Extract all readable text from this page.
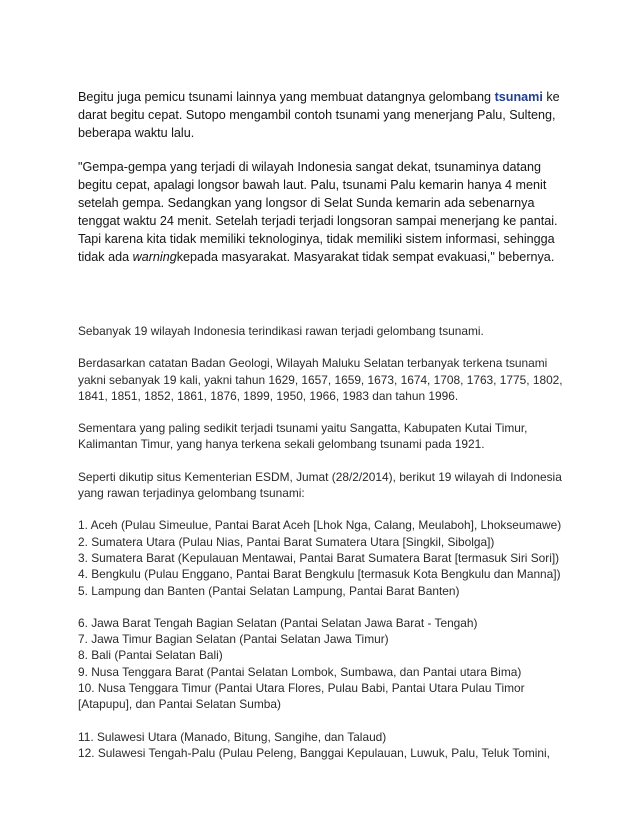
Begitu juga pemicu tsunami lainnya yang membuat datangnya gelombang tsunami ke darat begitu cepat. Sutopo mengambil contoh tsunami yang menerjang Palu, Sulteng, beberapa waktu lalu.

"Gempa-gempa yang terjadi di wilayah Indonesia sangat dekat, tsunaminya datang begitu cepat, apalagi longsor bawah laut. Palu, tsunami Palu kemarin hanya 4 menit setelah gempa. Sedangkan yang longsor di Selat Sunda kemarin ada sebenarnya tenggat waktu 24 menit. Setelah terjadi terjadi longsoran sampai menerjang ke pantai. Tapi karena kita tidak memiliki teknologinya, tidak memiliki sistem informasi, sehingga tidak ada warningkepada masyarakat. Masyarakat tidak sempat evakuasi," bebernya.

Sebanyak 19 wilayah Indonesia terindikasi rawan terjadi gelombang tsunami.

Berdasarkan catatan Badan Geologi, Wilayah Maluku Selatan terbanyak terkena tsunami yakni sebanyak 19 kali, yakni tahun 1629, 1657, 1659, 1673, 1674, 1708, 1763, 1775, 1802, 1841, 1851, 1852, 1861, 1876, 1899, 1950, 1966, 1983 dan tahun 1996.

Sementara yang paling sedikit terjadi tsunami yaitu Sangatta, Kabupaten Kutai Timur, Kalimantan Timur, yang hanya terkena sekali gelombang tsunami pada 1921.

Seperti dikutip situs Kementerian ESDM, Jumat (28/2/2014), berikut 19 wilayah di Indonesia yang rawan terjadinya gelombang tsunami:

1. Aceh (Pulau Simeulue, Pantai Barat Aceh [Lhok Nga, Calang, Meulaboh], Lhokseumawe)
2. Sumatera Utara (Pulau Nias, Pantai Barat Sumatera Utara [Singkil, Sibolga])
3. Sumatera Barat (Kepulauan Mentawai, Pantai Barat Sumatera Barat [termasuk Siri Sori])
4. Bengkulu (Pulau Enggano, Pantai Barat Bengkulu [termasuk Kota Bengkulu dan Manna])
5. Lampung dan Banten (Pantai Selatan Lampung, Pantai Barat Banten)
6. Jawa Barat Tengah Bagian Selatan (Pantai Selatan Jawa Barat - Tengah)
7. Jawa Timur Bagian Selatan (Pantai Selatan Jawa Timur)
8. Bali (Pantai Selatan Bali)
9. Nusa Tenggara Barat (Pantai Selatan Lombok, Sumbawa, dan Pantai utara Bima)
10. Nusa Tenggara Timur (Pantai Utara Flores, Pulau Babi, Pantai Utara Pulau Timor [Atapupu], dan Pantai Selatan Sumba)
11. Sulawesi Utara (Manado, Bitung, Sangihe, dan Talaud)
12. Sulawesi Tengah-Palu (Pulau Peleng, Banggai Kepulauan, Luwuk, Palu, Teluk Tomini,
